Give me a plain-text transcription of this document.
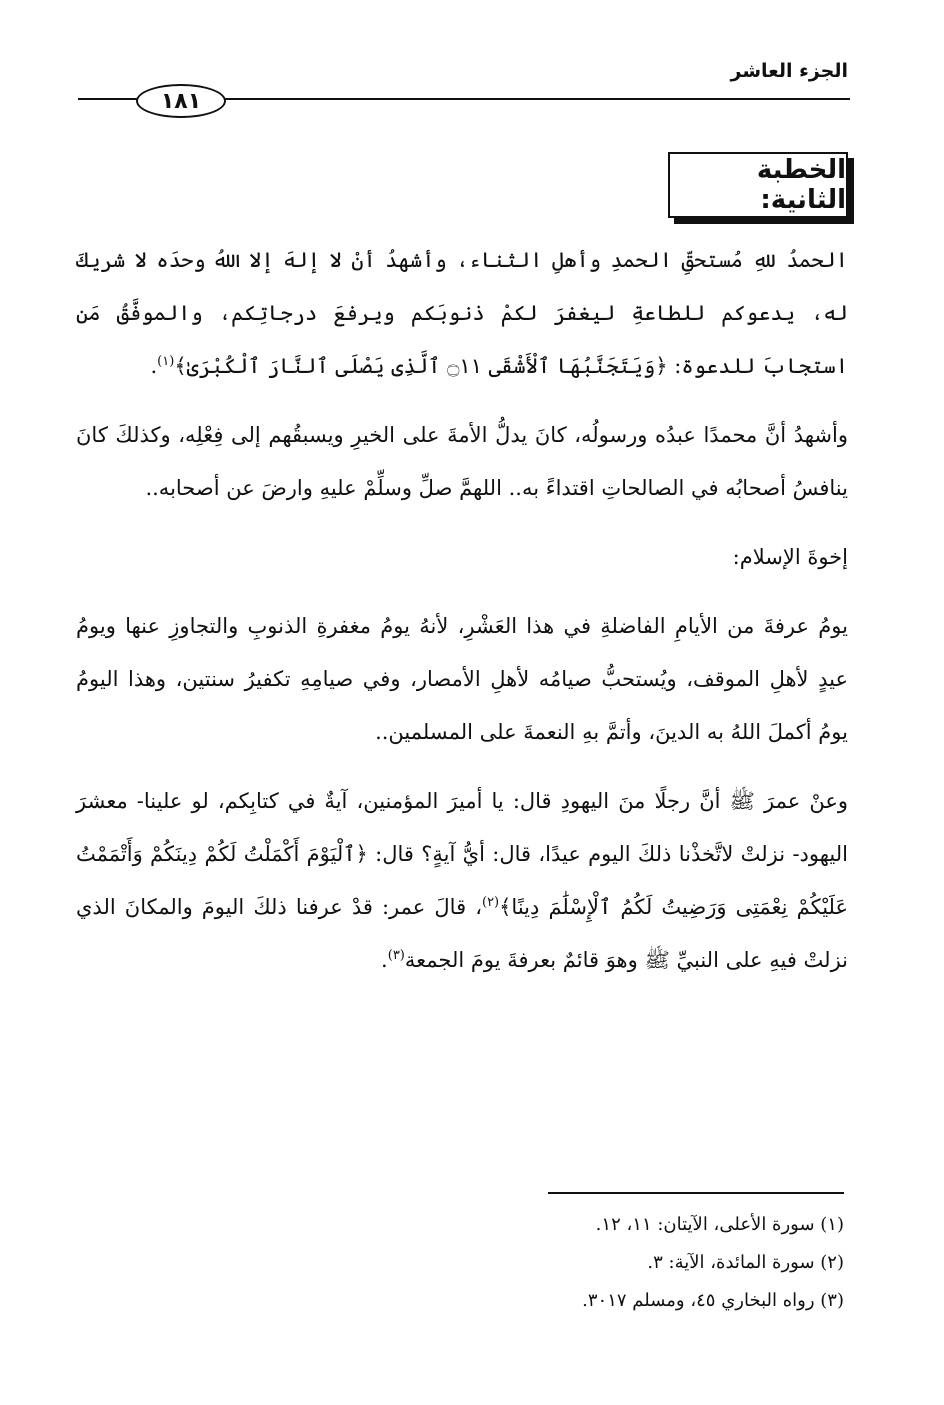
الجزء العاشر
١٨١
الخطبة الثانية:

الحمدُ للهِ مُستحقِّ الحمدِ وأهلِ الثناء، وأشهدُ أنْ لا إلهَ إلا اللهُ وحدَه لا شريكَ له، يدعوكم للطاعةِ ليغفرَ لكمْ ذنوبَكم ويرفعَ درجاتِكم، والموفَّقُ مَن استجابَ للدعوة: ﴿وَيَتَجَنَّبُهَا ٱلْأَشْقَى ۝١١ ٱلَّذِى يَصْلَى ٱلنَّارَ ٱلْكُبْرَىٰ﴾$^{(١)}$.

وأشهدُ أنَّ محمدًا عبدُه ورسولُه، كانَ يدلُّ الأمةَ على الخيرِ ويسبقُهم إلى فِعْلِه، وكذلكَ كانَ ينافسُ أصحابُه في الصالحاتِ اقتداءً به.. اللهمَّ صلِّ وسلِّمْ عليهِ وارضَ عن أصحابه..

إخوةَ الإسلام:

يومُ عرفةَ من الأيامِ الفاضلةِ في هذا العَشْرِ، لأنهُ يومُ مغفرةِ الذنوبِ والتجاوزِ عنها ويومُ عيدٍ لأهلِ الموقف، ويُستحبُّ صيامُه لأهلِ الأمصار، وفي صيامِهِ تكفيرُ سنتين، وهذا اليومُ يومُ أكملَ اللهُ به الدينَ، وأتمَّ بهِ النعمةَ على المسلمين..

وعنْ عمرَ ﷺ أنَّ رجلًا منَ اليهودِ قال: يا أميرَ المؤمنين، آيةٌ في كتابِكم، لو علينا- معشرَ اليهود- نزلتْ لاتَّخذْنا ذلكَ اليوم عيدًا، قال: أيُّ آيةٍ؟ قال: ﴿ٱلْيَوْمَ أَكْمَلْتُ لَكُمْ دِينَكُمْ وَأَتْمَمْتُ عَلَيْكُمْ نِعْمَتِى وَرَضِيتُ لَكُمُ ٱلْإِسْلَٰمَ دِينًا﴾$^{(٢)}$، قالَ عمر: قدْ عرفنا ذلكَ اليومَ والمكانَ الذي نزلتْ فيهِ على النبيِّ ﷺ وهوَ قائمٌ بعرفةَ يومَ الجمعة$^{(٣)}$.

(١) سورة الأعلى، الآيتان: ١١، ١٢.
(٢) سورة المائدة، الآية: ٣.
(٣) رواه البخاري ٤٥، ومسلم ٣٠١٧.
